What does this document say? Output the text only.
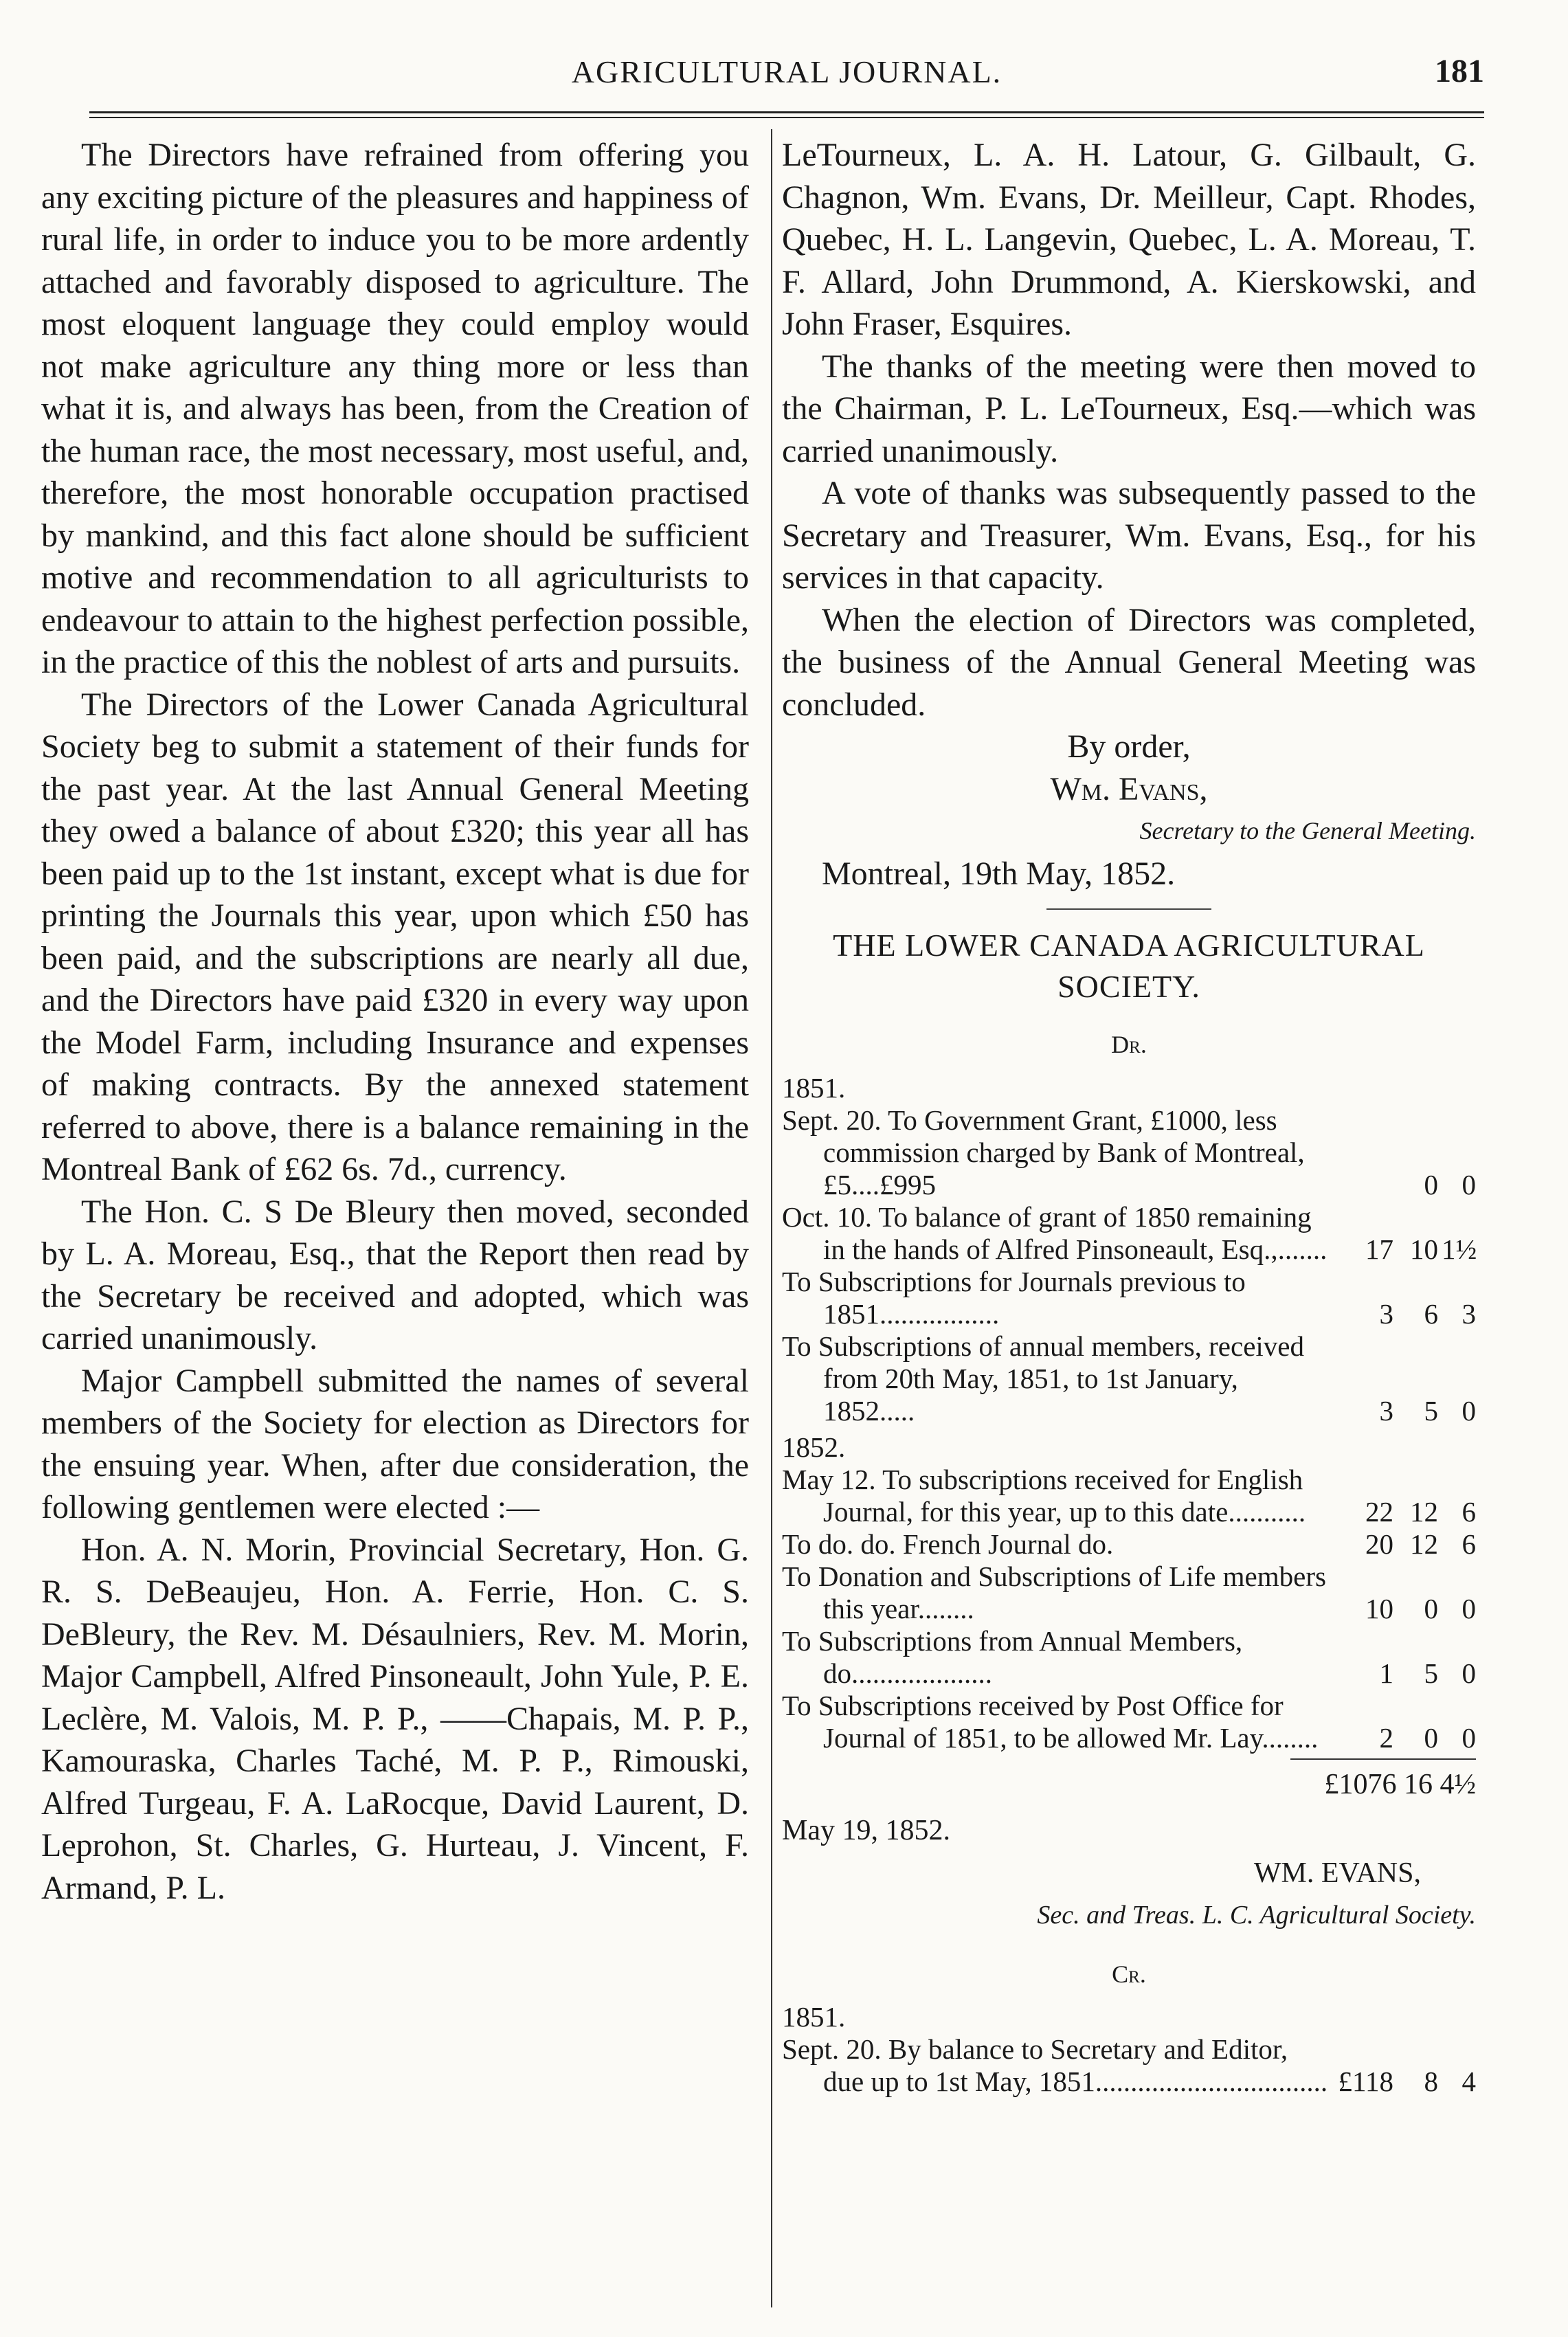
AGRICULTURAL JOURNAL.	181

The Directors have refrained from offering you any exciting picture of the pleasures and happiness of rural life, in order to induce you to be more ardently attached and favorably disposed to agriculture. The most eloquent language they could employ would not make agriculture any thing more or less than what it is, and always has been, from the Creation of the human race, the most necessary, most useful, and, therefore, the most honorable occupation practised by mankind, and this fact alone should be sufficient motive and recommendation to all agriculturists to endeavour to attain to the highest perfection possible, in the practice of this the noblest of arts and pursuits.

The Directors of the Lower Canada Agricultural Society beg to submit a statement of their funds for the past year. At the last Annual General Meeting they owed a balance of about £320; this year all has been paid up to the 1st instant, except what is due for printing the Journals this year, upon which £50 has been paid, and the subscriptions are nearly all due, and the Directors have paid £320 in every way upon the Model Farm, including Insurance and expenses of making contracts. By the annexed statement referred to above, there is a balance remaining in the Montreal Bank of £62 6s. 7d., currency.

The Hon. C. S De Bleury then moved, seconded by L. A. Moreau, Esq., that the Report then read by the Secretary be received and adopted, which was carried unanimously.

Major Campbell submitted the names of several members of the Society for election as Directors for the ensuing year. When, after due consideration, the following gentlemen were elected :—

Hon. A. N. Morin, Provincial Secretary, Hon. G. R. S. DeBeaujeu, Hon. A. Ferrie, Hon. C. S. DeBleury, the Rev. M. Désaulniers, Rev. M. Morin, Major Campbell, Alfred Pinsoneault, John Yule, P. E. Leclère, M. Valois, M. P. P., ——Chapais, M. P. P., Kamouraska, Charles Taché, M. P. P., Rimouski, Alfred Turgeau, F. A. LaRocque, David Laurent, D. Leprohon, St. Charles, G. Hurteau, J. Vincent, F. Armand, P. L.

LeTourneux, L. A. H. Latour, G. Gilbault, G. Chagnon, Wm. Evans, Dr. Meilleur, Capt. Rhodes, Quebec, H. L. Langevin, Quebec, L. A. Moreau, T. F. Allard, John Drummond, A. Kierskowski, and John Fraser, Esquires.

The thanks of the meeting were then moved to the Chairman, P. L. LeTourneux, Esq.—which was carried unanimously.

A vote of thanks was subsequently passed to the Secretary and Treasurer, Wm. Evans, Esq., for his services in that capacity.

When the election of Directors was completed, the business of the Annual General Meeting was concluded.

By order,
Wm. Evans,
Secretary to the General Meeting.
Montreal, 19th May, 1852.
THE LOWER CANADA AGRICULTURAL
SOCIETY.
Dr.
1851.
Sept. 20. To Government Grant, £1000, less commission charged by Bank of Montreal, £5....£995	0 0
Oct. 10. To balance of grant of 1850 remaining in the hands of Alfred Pinsoneault, Esq.,.......	17 10 1½
To Subscriptions for Journals previous to 1851.................	3	6 3
To Subscriptions of annual members, received from 20th May, 1851, to 1st January, 1852.....	3	5 0
1852.
May 12. To subscriptions received for English Journal, for this year, up to this date...........	22 12 6
To do. do. French Journal do.	20 12 6
To Donation and Subscriptions of Life members this year........	10	0 0
To Subscriptions from Annual Members, do....................	1	5 0
To Subscriptions received by Post Office for Journal of 1851, to be allowed Mr. Lay........	2	0 0
£1076 16 4½
May 19, 1852.
WM. EVANS,
Sec. and Treas. L. C. Agricultural Society.
Cr.
1851.
Sept. 20. By balance to Secretary and Editor, due up to 1st May, 1851................................. £118	8 4
